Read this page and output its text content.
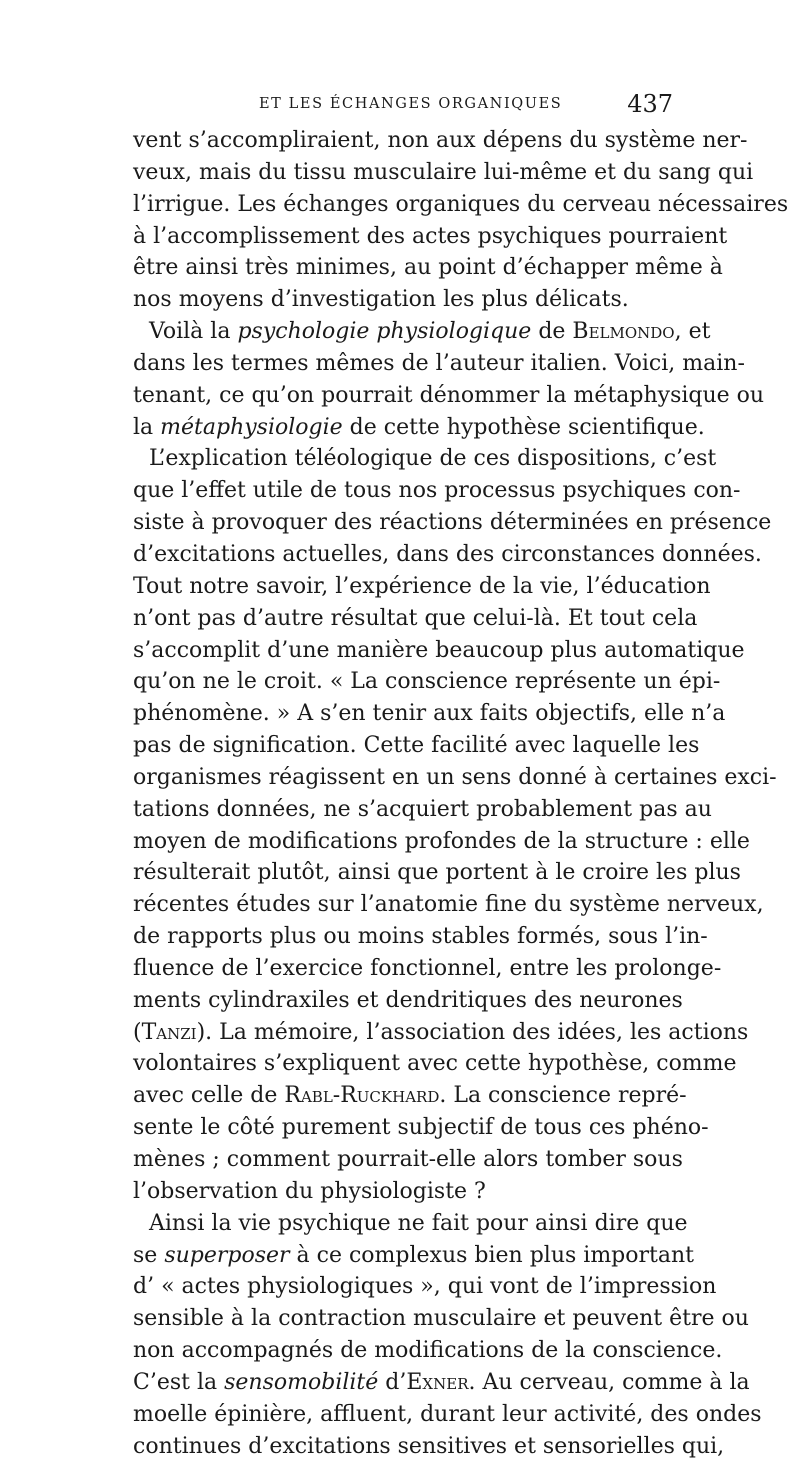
ET LES ÉCHANGES ORGANIQUES	437
vent s’accompliraient, non aux dépens du système ner-
veux, mais du tissu musculaire lui-même et du sang qui
l’irrigue. Les échanges organiques du cerveau nécessaires
à l’accomplissement des actes psychiques pourraient
être ainsi très minimes, au point d’échapper même à
nos moyens d’investigation les plus délicats.
Voilà la psychologie physiologique de Belmondo, et
dans les termes mêmes de l’auteur italien. Voici, main-
tenant, ce qu’on pourrait dénommer la métaphysique ou
la métaphysiologie de cette hypothèse scientifique.
L’explication téléologique de ces dispositions, c’est
que l’effet utile de tous nos processus psychiques con-
siste à provoquer des réactions déterminées en présence
d’excitations actuelles, dans des circonstances données.
Tout notre savoir, l’expérience de la vie, l’éducation
n’ont pas d’autre résultat que celui-là. Et tout cela
s’accomplit d’une manière beaucoup plus automatique
qu’on ne le croit. « La conscience représente un épi-
phénomène. » A s’en tenir aux faits objectifs, elle n’a
pas de signification. Cette facilité avec laquelle les
organismes réagissent en un sens donné à certaines exci-
tations données, ne s’acquiert probablement pas au
moyen de modifications profondes de la structure : elle
résulterait plutôt, ainsi que portent à le croire les plus
récentes études sur l’anatomie fine du système nerveux,
de rapports plus ou moins stables formés, sous l’in-
fluence de l’exercice fonctionnel, entre les prolonge-
ments cylindraxiles et dendritiques des neurones
(Tanzi). La mémoire, l’association des idées, les actions
volontaires s’expliquent avec cette hypothèse, comme
avec celle de Rabl-Ruckhard. La conscience repré-
sente le côté purement subjectif de tous ces phéno-
mènes ; comment pourrait-elle alors tomber sous
l’observation du physiologiste ?
Ainsi la vie psychique ne fait pour ainsi dire que
se superposer à ce complexus bien plus important
d’ « actes physiologiques », qui vont de l’impression
sensible à la contraction musculaire et peuvent être ou
non accompagnés de modifications de la conscience.
C’est la sensomobilité d’Exner. Au cerveau, comme à la
moelle épinière, affluent, durant leur activité, des ondes
continues d’excitations sensitives et sensorielles qui,
